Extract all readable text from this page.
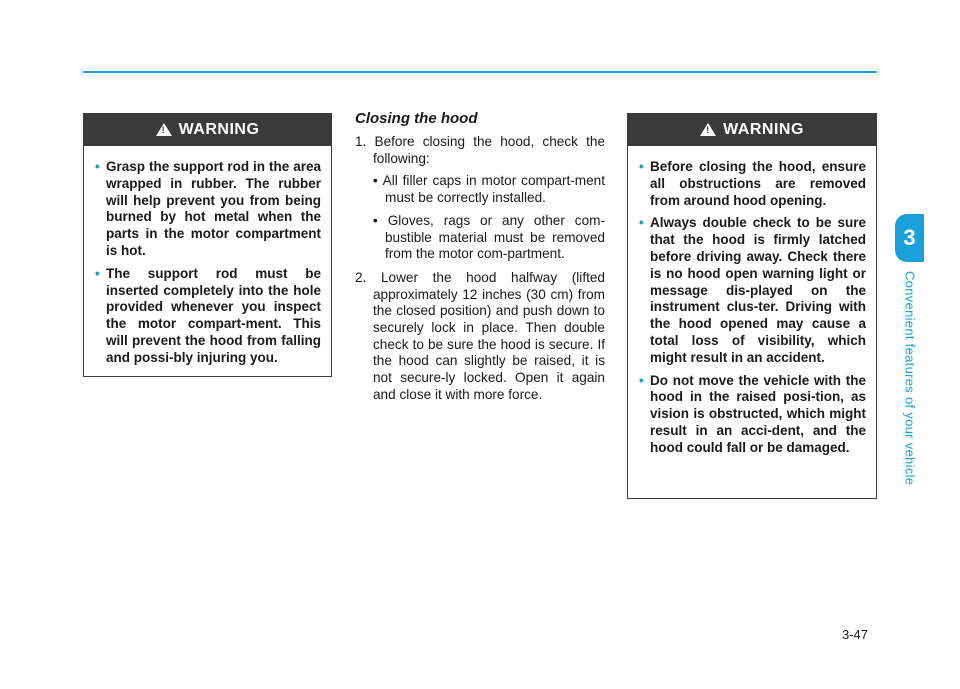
3
Convenient features of your vehicle
!
WARNING
• Grasp the support rod in the area wrapped in rubber. The rubber will help prevent you from being burned by hot metal when the parts in the motor compartment is hot.
• The support rod must be inserted completely into the hole provided whenever you inspect the motor compart-ment. This will prevent the hood from falling and possi-bly injuring you.
Closing the hood

1. Before closing the hood, check the following:

• All filler caps in motor compart-ment must be correctly installed.
• Gloves, rags or any other com-bustible material must be removed from the motor com-partment.

2. Lower the hood halfway (lifted approximately 12 inches (30 cm) from the closed position) and push down to securely lock in place. Then double check to be sure the hood is secure. If the hood can slightly be raised, it is not secure-ly locked. Open it again and close it with more force.

!
WARNING
• Before closing the hood, ensure all obstructions are removed from around hood opening.
• Always double check to be sure that the hood is firmly latched before driving away. Check there is no hood open warning light or message dis-played on the instrument clus-ter. Driving with the hood opened may cause a total loss of visibility, which might result in an accident.
• Do not move the vehicle with the hood in the raised posi-tion, as vision is obstructed, which might result in an acci-dent, and the hood could fall or be damaged.
3-47
